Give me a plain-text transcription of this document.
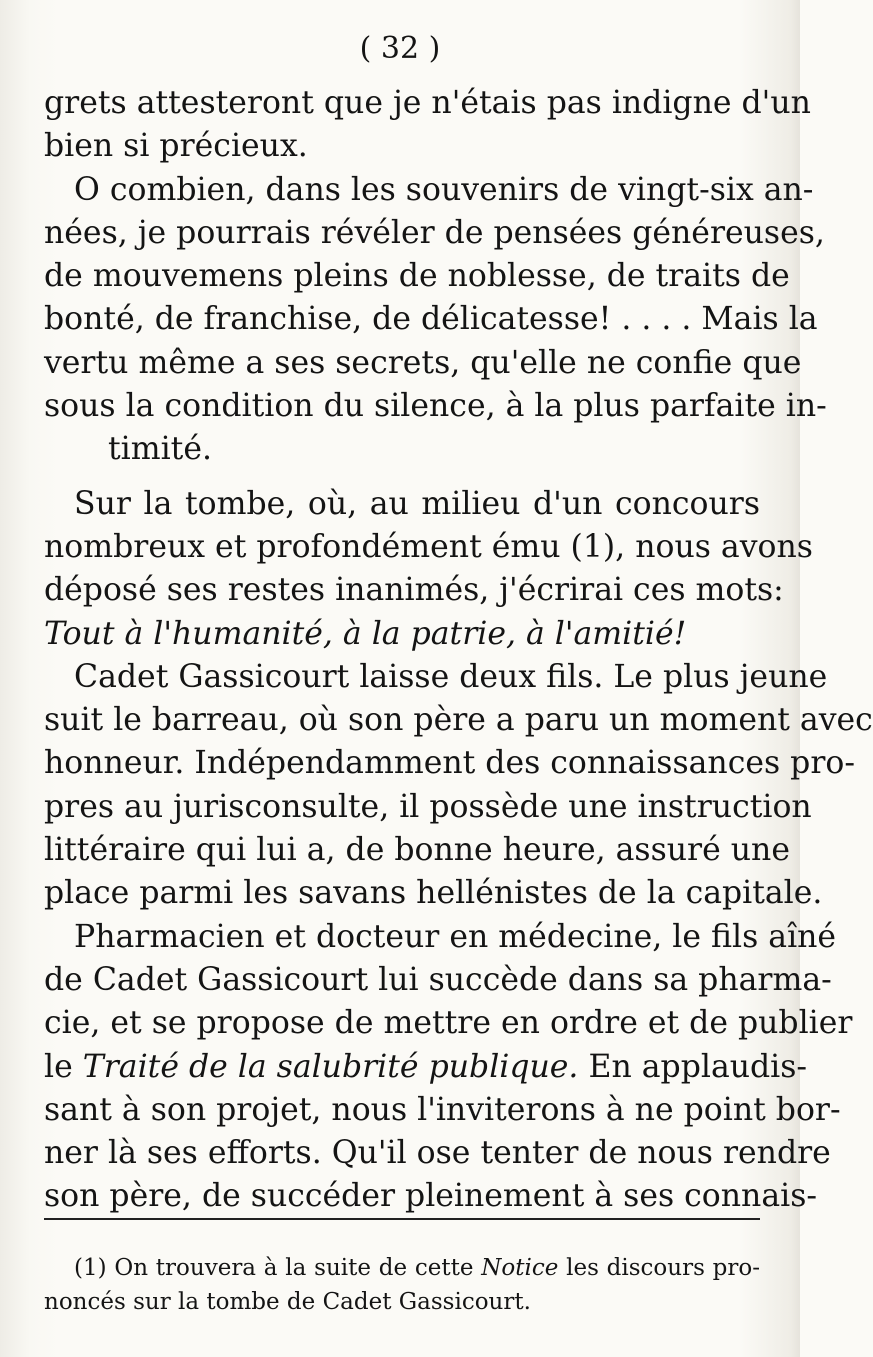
( 32 )
grets attesteront que je n'étais pas indigne d'un
bien si précieux.
O combien, dans les souvenirs de vingt-six an-
nées, je pourrais révéler de pensées généreuses,
de mouvemens pleins de noblesse, de traits de
bonté, de franchise, de délicatesse! . . . . Mais la
vertu même a ses secrets, qu'elle ne confie que
sous la condition du silence, à la plus parfaite in-
timité.
Sur la tombe, où, au milieu d'un concours
nombreux et profondément ému (1), nous avons
déposé ses restes inanimés, j'écrirai ces mots:
Tout à l'humanité, à la patrie, à l'amitié!
Cadet Gassicourt laisse deux fils. Le plus jeune
suit le barreau, où son père a paru un moment avec
honneur. Indépendamment des connaissances pro-
pres au jurisconsulte, il possède une instruction
littéraire qui lui a, de bonne heure, assuré une
place parmi les savans hellénistes de la capitale.
Pharmacien et docteur en médecine, le fils aîné
de Cadet Gassicourt lui succède dans sa pharma-
cie, et se propose de mettre en ordre et de publier
le Traité de la salubrité publique. En applaudis-
sant à son projet, nous l'inviterons à ne point bor-
ner là ses efforts. Qu'il ose tenter de nous rendre
son père, de succéder pleinement à ses connais-
(1) On trouvera à la suite de cette Notice les discours pro-
noncés sur la tombe de Cadet Gassicourt.
